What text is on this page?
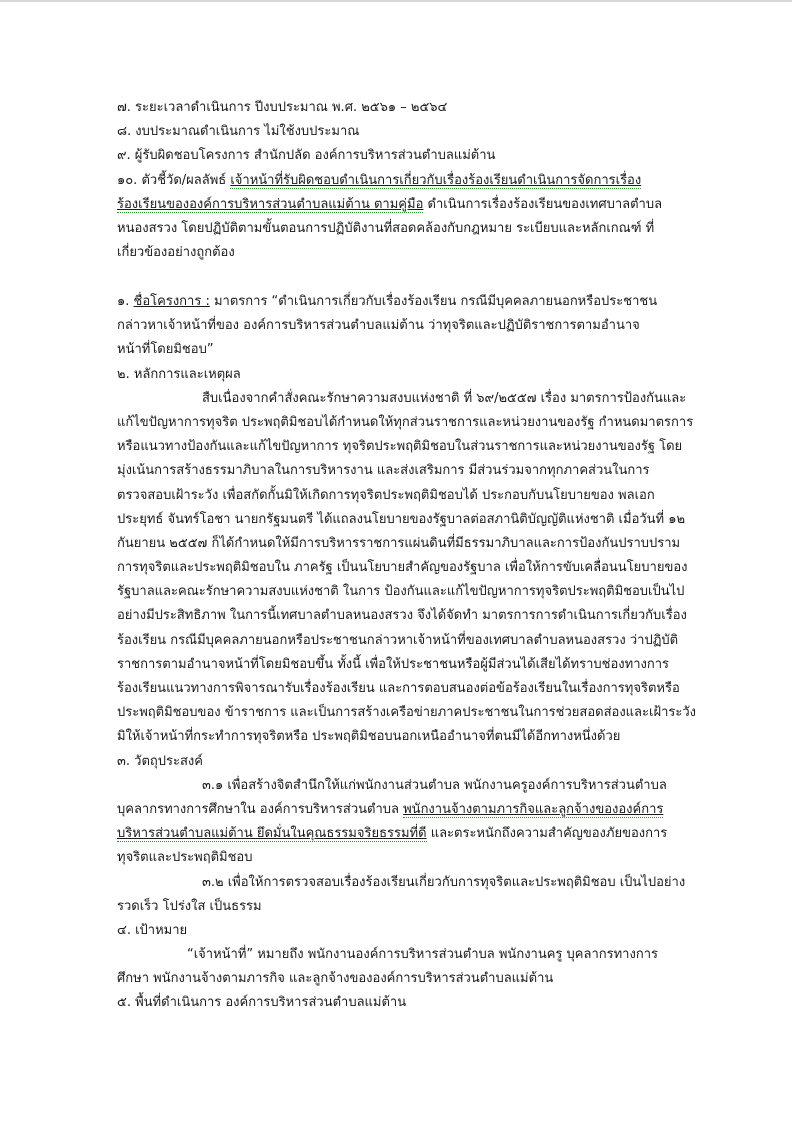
๗. ระยะเวลาดำเนินการ ปีงบประมาณ พ.ศ. ๒๕๖๑ – ๒๕๖๔
๘. งบประมาณดำเนินการ ไม่ใช้งบประมาณ
๙. ผู้รับผิดชอบโครงการ สำนักปลัด องค์การบริหารส่วนตำบลแม่ต้าน
๑๐. ตัวชี้วัด/ผลลัพธ์ เจ้าหน้าที่รับผิดชอบดำเนินการเกี่ยวกับเรื่องร้องเรียนดำเนินการจัดการเรื่อง
ร้องเรียนขององค์การบริหารส่วนตำบลแม่ต้าน ตามคู่มือ ดำเนินการเรื่องร้องเรียนของเทศบาลตำบล
หนองสรวง โดยปฏิบัติตามขั้นตอนการปฏิบัติงานที่สอดคล้องกับกฎหมาย ระเบียบและหลักเกณฑ์ ที่
เกี่ยวข้องอย่างถูกต้อง
๑. ชื่อโครงการ : มาตรการ “ดำเนินการเกี่ยวกับเรื่องร้องเรียน กรณีมีบุคคลภายนอกหรือประชาชน
กล่าวหาเจ้าหน้าที่ของ องค์การบริหารส่วนตำบลแม่ต้าน ว่าทุจริตและปฏิบัติราชการตามอำนาจ
หน้าที่โดยมิชอบ”
๒. หลักการและเหตุผล
สืบเนื่องจากคำสั่งคณะรักษาความสงบแห่งชาติ ที่ ๖๙/๒๕๕๗ เรื่อง มาตรการป้องกันและ
แก้ไขปัญหาการทุจริต ประพฤติมิชอบได้กำหนดให้ทุกส่วนราชการและหน่วยงานของรัฐ กำหนดมาตรการ
หรือแนวทางป้องกันและแก้ไขปัญหาการ ทุจริตประพฤติมิชอบในส่วนราชการและหน่วยงานของรัฐ โดย
มุ่งเน้นการสร้างธรรมาภิบาลในการบริหารงาน และส่งเสริมการ มีส่วนร่วมจากทุกภาคส่วนในการ
ตรวจสอบเฝ้าระวัง เพื่อสกัดกั้นมิให้เกิดการทุจริตประพฤติมิชอบได้ ประกอบกับนโยบายของ พลเอก
ประยุทธ์ จันทร์โอชา นายกรัฐมนตรี ได้แถลงนโยบายของรัฐบาลต่อสภานิติบัญญัติแห่งชาติ เมื่อวันที่ ๑๒
กันยายน ๒๕๕๗ ก็ได้กำหนดให้มีการบริหารราชการแผ่นดินที่มีธรรมาภิบาลและการป้องกันปราบปราม
การทุจริตและประพฤติมิชอบใน ภาครัฐ เป็นนโยบายสำคัญของรัฐบาล เพื่อให้การขับเคลื่อนนโยบายของ
รัฐบาลและคณะรักษาความสงบแห่งชาติ ในการ ป้องกันและแก้ไขปัญหาการทุจริตประพฤติมิชอบเป็นไป
อย่างมีประสิทธิภาพ ในการนี้เทศบาลตำบลหนองสรวง จึงได้จัดทำ มาตรการการดำเนินการเกี่ยวกับเรื่อง
ร้องเรียน กรณีมีบุคคลภายนอกหรือประชาชนกล่าวหาเจ้าหน้าที่ของเทศบาลตำบลหนองสรวง ว่าปฏิบัติ
ราชการตามอำนาจหน้าที่โดยมิชอบขึ้น ทั้งนี้ เพื่อให้ประชาชนหรือผู้มีส่วนได้เสียได้ทราบช่องทางการ
ร้องเรียนแนวทางการพิจารณารับเรื่องร้องเรียน และการตอบสนองต่อข้อร้องเรียนในเรื่องการทุจริตหรือ
ประพฤติมิชอบของ ข้าราชการ และเป็นการสร้างเครือข่ายภาคประชาชนในการช่วยสอดส่องและเฝ้าระวัง
มิให้เจ้าหน้าที่กระทำการทุจริตหรือ ประพฤติมิชอบนอกเหนืออำนาจที่ตนมีได้อีกทางหนึ่งด้วย
๓. วัตถุประสงค์
๓.๑ เพื่อสร้างจิตสำนึกให้แก่พนักงานส่วนตำบล พนักงานครูองค์การบริหารส่วนตำบล
บุคลากรทางการศึกษาใน องค์การบริหารส่วนตำบล พนักงานจ้างตามภารกิจและลูกจ้างขององค์การ
บริหารส่วนตำบลแม่ต้าน ยึดมั่นในคุณธรรมจริยธรรมที่ดี และตระหนักถึงความสำคัญของภัยของการ
ทุจริตและประพฤติมิชอบ
๓.๒ เพื่อให้การตรวจสอบเรื่องร้องเรียนเกี่ยวกับการทุจริตและประพฤติมิชอบ เป็นไปอย่าง
รวดเร็ว โปร่งใส เป็นธรรม
๔. เป้าหมาย
“เจ้าหน้าที่” หมายถึง พนักงานองค์การบริหารส่วนตำบล พนักงานครู บุคลากรทางการ
ศึกษา พนักงานจ้างตามภารกิจ และลูกจ้างขององค์การบริหารส่วนตำบลแม่ต้าน
๕. พื้นที่ดำเนินการ องค์การบริหารส่วนตำบลแม่ต้าน
